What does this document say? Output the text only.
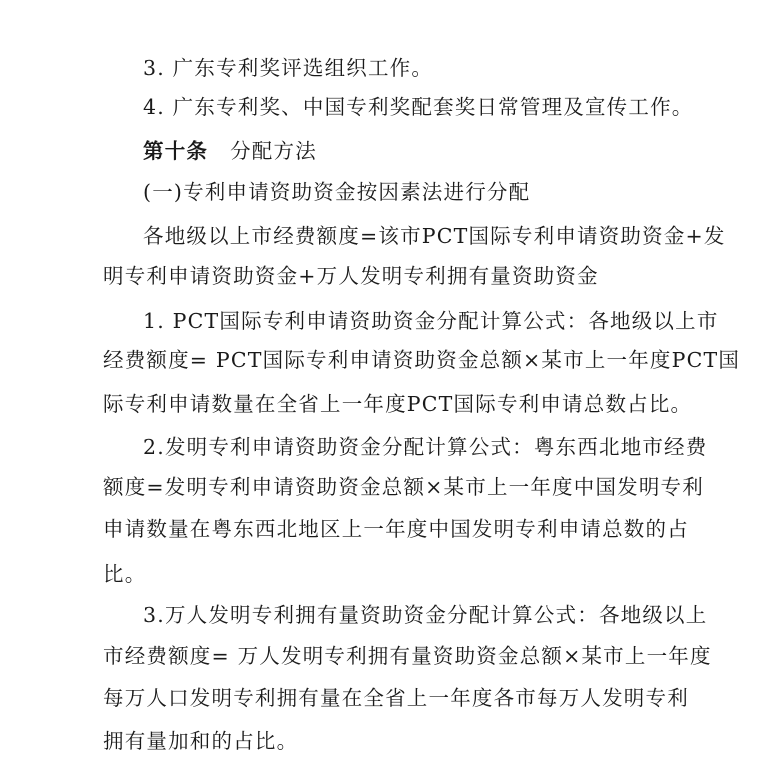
3. 广东专利奖评选组织工作。
4. 广东专利奖、中国专利奖配套奖日常管理及宣传工作。
第十条 分配方法
(一)专利申请资助资金按因素法进行分配
各地级以上市经费额度=该市PCT国际专利申请资助资金+发
明专利申请资助资金+万人发明专利拥有量资助资金
1. PCT国际专利申请资助资金分配计算公式：各地级以上市
经费额度= PCT国际专利申请资助资金总额×某市上一年度PCT国
际专利申请数量在全省上一年度PCT国际专利申请总数占比。
2.发明专利申请资助资金分配计算公式：粤东西北地市经费
额度=发明专利申请资助资金总额×某市上一年度中国发明专利
申请数量在粤东西北地区上一年度中国发明专利申请总数的占
比。
3.万人发明专利拥有量资助资金分配计算公式：各地级以上
市经费额度= 万人发明专利拥有量资助资金总额×某市上一年度
每万人口发明专利拥有量在全省上一年度各市每万人发明专利
拥有量加和的占比。
